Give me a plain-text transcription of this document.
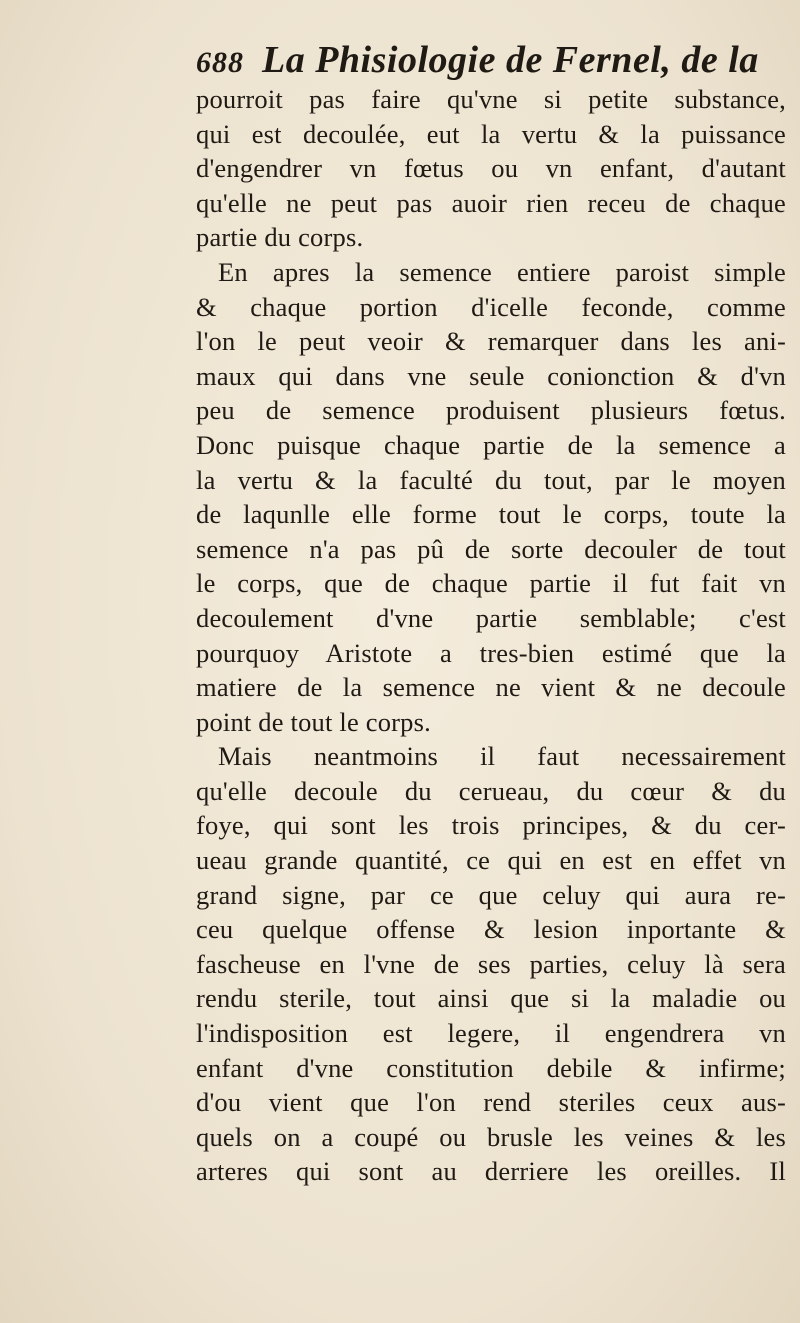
688 La Phisiologie de Fernel, de la
pourroit pas faire qu'vne si petite substance,
qui est decoulée, eut la vertu & la puissance
d'engendrer vn fœtus ou vn enfant, d'autant
qu'elle ne peut pas auoir rien receu de chaque
partie du corps.
En apres la semence entiere paroist simple
& chaque portion d'icelle feconde, comme
l'on le peut veoir & remarquer dans les ani-
maux qui dans vne seule conionction & d'vn
peu de semence produisent plusieurs fœtus.
Donc puisque chaque partie de la semence a
la vertu & la faculté du tout, par le moyen
de laqunlle elle forme tout le corps, toute la
semence n'a pas pû de sorte decouler de tout
le corps, que de chaque partie il fut fait vn
decoulement d'vne partie semblable; c'est
pourquoy Aristote a tres-bien estimé que la
matiere de la semence ne vient & ne decoule
point de tout le corps.
Mais neantmoins il faut necessairement
qu'elle decoule du cerueau, du cœur & du
foye, qui sont les trois principes, & du cer-
ueau grande quantité, ce qui en est en effet vn
grand signe, par ce que celuy qui aura re-
ceu quelque offense & lesion inportante &
fascheuse en l'vne de ses parties, celuy là sera
rendu sterile, tout ainsi que si la maladie ou
l'indisposition est legere, il engendrera vn
enfant d'vne constitution debile & infirme;
d'ou vient que l'on rend steriles ceux aus-
quels on a coupé ou brusle les veines & les
arteres qui sont au derriere les oreilles. Il
